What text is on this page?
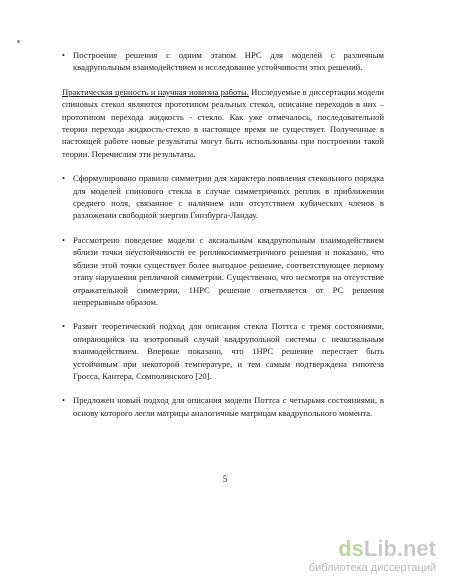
• Построение решения с одним этапом НРС для моделей с различным квадрупольным взаимодействием и исследование устойчивости этих решений.

Практическая ценность и научная новизна работы. Исследуемые в диссертации модели спиновых стекол являются прототипом реальных стекол, описание переходов в них – прототипом перехода жидкость - стекло. Как уже отмечалось, последовательной теории перехода жидкость-стекло в настоящее время не существует. Полученные в настоящей работе новые результаты могут быть использованы при построении такой теории. Перечислим эти результаты.

• Сформулировано правило симметрии для характера появления стекольного порядка для моделей спинового стекла в случае симметричных реплик в приближении среднего поля, связанное с наличием или отсутствием кубических членов в разложении свободной энергии Гинзбурга-Ландау.
• Рассмотрено поведение модели с аксиальным квадрупольным взаимодействием вблизи точки неустойчивости ее репликосимметричного решения и показано, что вблизи этой точки существует более выгодное решение, соответствующее первому этапу нарушения репличной симметрии. Существенно, что несмотря на отсутствие отражательной симметрии, 1НРС решение ответвляется от РС решения непрерывным образом.
• Развит теоретический подход для описания стекла Поттса с тремя состояниями, опирающийся на изотропный случай квадрупольной системы с неаксиальным взаимодействием. Впервые показано, что 1НРС решение перестает быть устойчивым при некоторой температуре, и тем самым подтверждена гипотеза Гросса, Кантера, Сомполинского [20].
• Предложен новый подход для описания модели Поттса с четырьмя состояниями, в основу которого легли матрицы аналогичные матрицам квадрупольного момента.
5
dsLib.net
библиотека диссертаций
